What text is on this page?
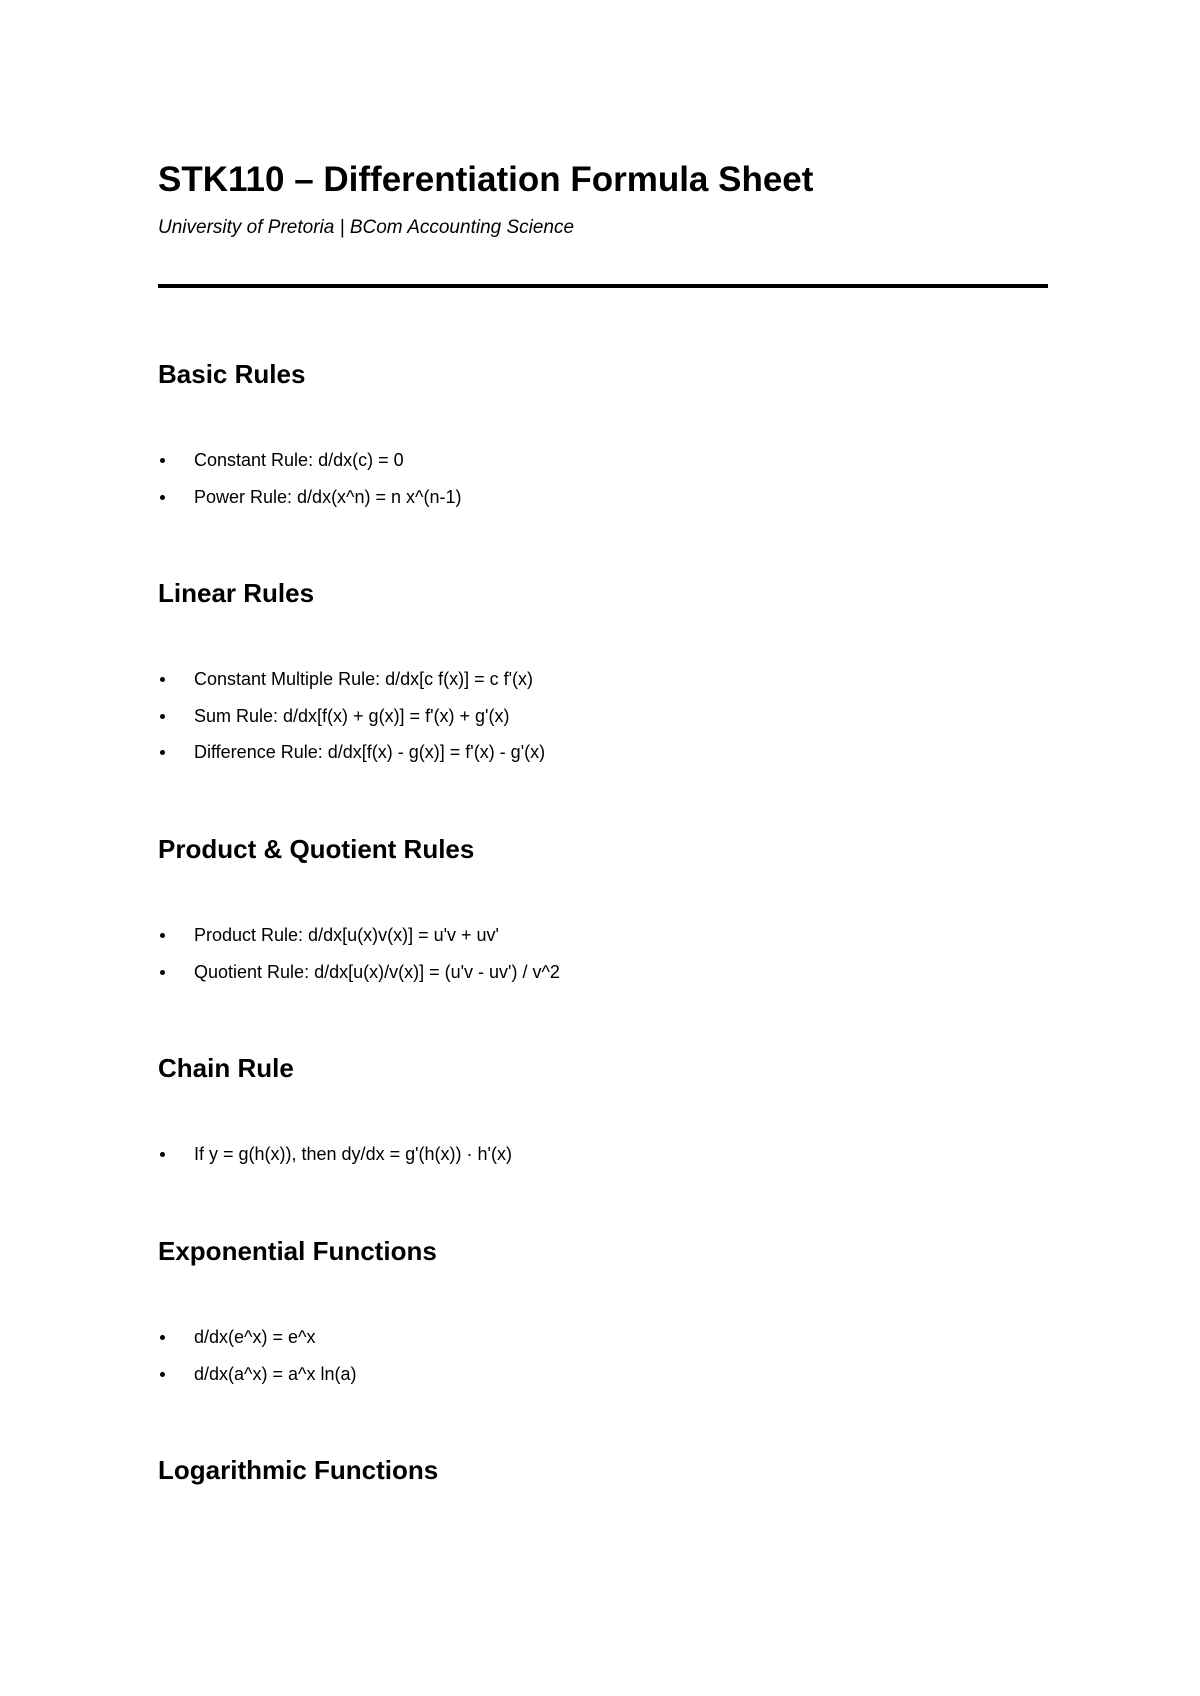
STK110 – Differentiation Formula Sheet

University of Pretoria | BCom Accounting Science

Basic Rules
Constant Rule: d/dx(c) = 0
Power Rule: d/dx(x^n) = n x^(n-1)
Linear Rules
Constant Multiple Rule: d/dx[c f(x)] = c f'(x)
Sum Rule: d/dx[f(x) + g(x)] = f'(x) + g'(x)
Difference Rule: d/dx[f(x) - g(x)] = f'(x) - g'(x)
Product & Quotient Rules
Product Rule: d/dx[u(x)v(x)] = u'v + uv'
Quotient Rule: d/dx[u(x)/v(x)] = (u'v - uv') / v^2
Chain Rule
If y = g(h(x)), then dy/dx = g'(h(x)) · h'(x)
Exponential Functions
d/dx(e^x) = e^x
d/dx(a^x) = a^x ln(a)
Logarithmic Functions
